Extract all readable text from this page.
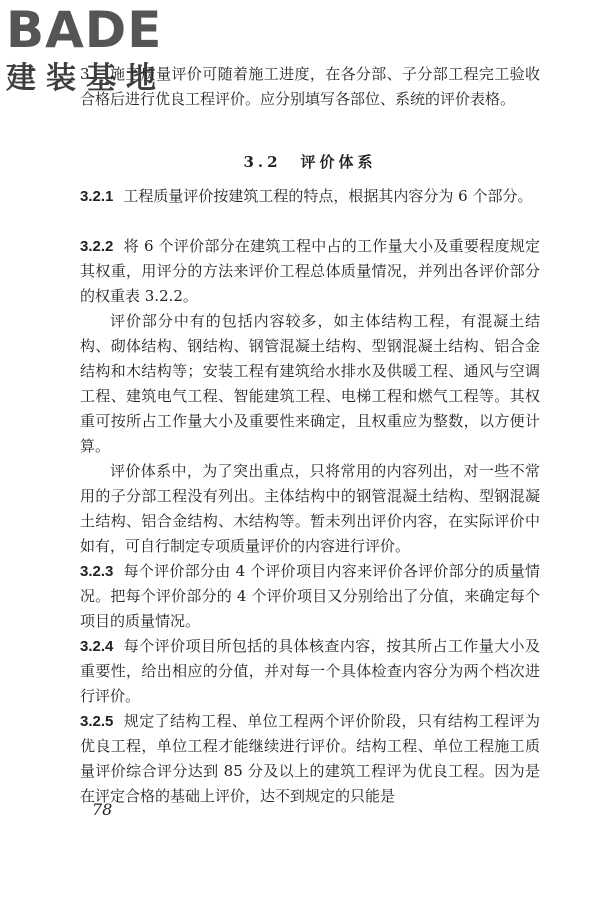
BADE
建装基地

3.　施工质量评价可随着施工进度，在各分部、子分部工程完工验收合格后进行优良工程评价。应分别填写各部位、系统的评价表格。

3.2　评价体系

3.2.1 工程质量评价按建筑工程的特点，根据其内容分为 6 个部分。

3.2.2 将 6 个评价部分在建筑工程中占的工作量大小及重要程度规定其权重，用评分的方法来评价工程总体质量情况，并列出各评价部分的权重表 3.2.2。

评价部分中有的包括内容较多，如主体结构工程，有混凝土结构、砌体结构、钢结构、钢管混凝土结构、型钢混凝土结构、铝合金结构和木结构等；安装工程有建筑给水排水及供暖工程、通风与空调工程、建筑电气工程、智能建筑工程、电梯工程和燃气工程等。其权重可按所占工作量大小及重要性来确定，且权重应为整数，以方便计算。

评价体系中，为了突出重点，只将常用的内容列出，对一些不常用的子分部工程没有列出。主体结构中的钢管混凝土结构、型钢混凝土结构、铝合金结构、木结构等。暂未列出评价内容，在实际评价中如有，可自行制定专项质量评价的内容进行评价。

3.2.3 每个评价部分由 4 个评价项目内容来评价各评价部分的质量情况。把每个评价部分的 4 个评价项目又分别给出了分值，来确定每个项目的质量情况。

3.2.4 每个评价项目所包括的具体核查内容，按其所占工作量大小及重要性，给出相应的分值，并对每一个具体检查内容分为两个档次进行评价。

3.2.5 规定了结构工程、单位工程两个评价阶段，只有结构工程评为优良工程，单位工程才能继续进行评价。结构工程、单位工程施工质量评价综合评分达到 85 分及以上的建筑工程评为优良工程。因为是在评定合格的基础上评价，达不到规定的只能是

78
